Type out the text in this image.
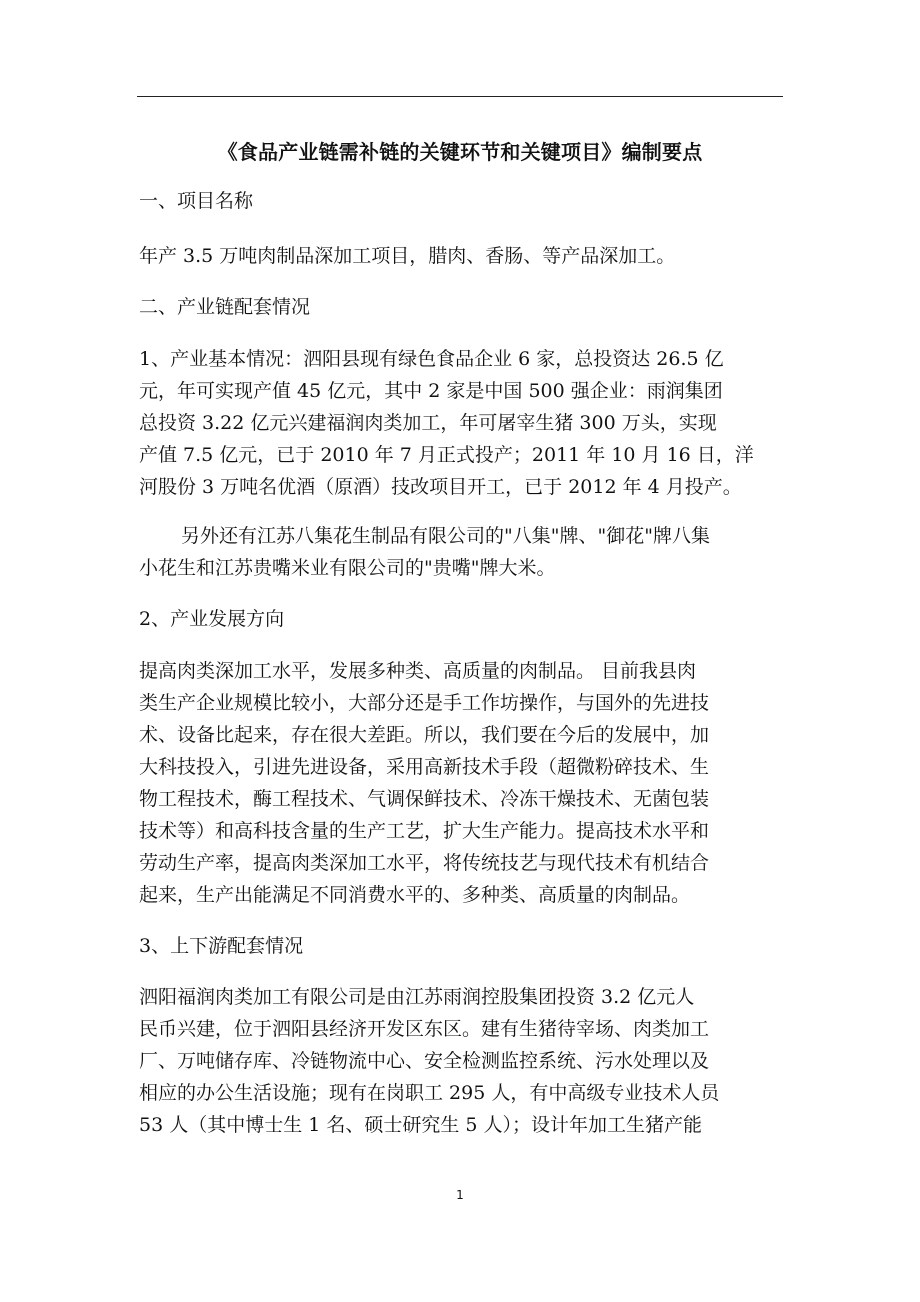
《食品产业链需补链的关键环节和关键项目》编制要点
一、项目名称
年产 3.5 万吨肉制品深加工项目，腊肉、香肠、等产品深加工。
二、产业链配套情况
1、产业基本情况：泗阳县现有绿色食品企业 6 家，总投资达 26.5 亿
元，年可实现产值 45 亿元，其中 2 家是中国 500 强企业：雨润集团
总投资 3.22 亿元兴建福润肉类加工，年可屠宰生猪 300 万头，实现
产值 7.5 亿元，已于 2010 年 7 月正式投产；2011 年 10 月 16 日，洋
河股份 3 万吨名优酒（原酒）技改项目开工，已于 2012 年 4 月投产。
另外还有江苏八集花生制品有限公司的"八集"牌、"御花"牌八集
小花生和江苏贵嘴米业有限公司的"贵嘴"牌大米。
2、产业发展方向
提高肉类深加工水平，发展多种类、高质量的肉制品。 目前我县肉
类生产企业规模比较小，大部分还是手工作坊操作，与国外的先进技
术、设备比起来，存在很大差距。所以，我们要在今后的发展中，加
大科技投入，引进先进设备，采用高新技术手段（超微粉碎技术、生
物工程技术，酶工程技术、气调保鲜技术、冷冻干燥技术、无菌包装
技术等）和高科技含量的生产工艺，扩大生产能力。提高技术水平和
劳动生产率，提高肉类深加工水平，将传统技艺与现代技术有机结合
起来，生产出能满足不同消费水平的、多种类、高质量的肉制品。
3、上下游配套情况
泗阳福润肉类加工有限公司是由江苏雨润控股集团投资 3.2 亿元人
民币兴建，位于泗阳县经济开发区东区。建有生猪待宰场、肉类加工
厂、万吨储存库、冷链物流中心、安全检测监控系统、污水处理以及
相应的办公生活设施；现有在岗职工 295 人，有中高级专业技术人员
53 人（其中博士生 1 名、硕士研究生 5 人）；设计年加工生猪产能
1
